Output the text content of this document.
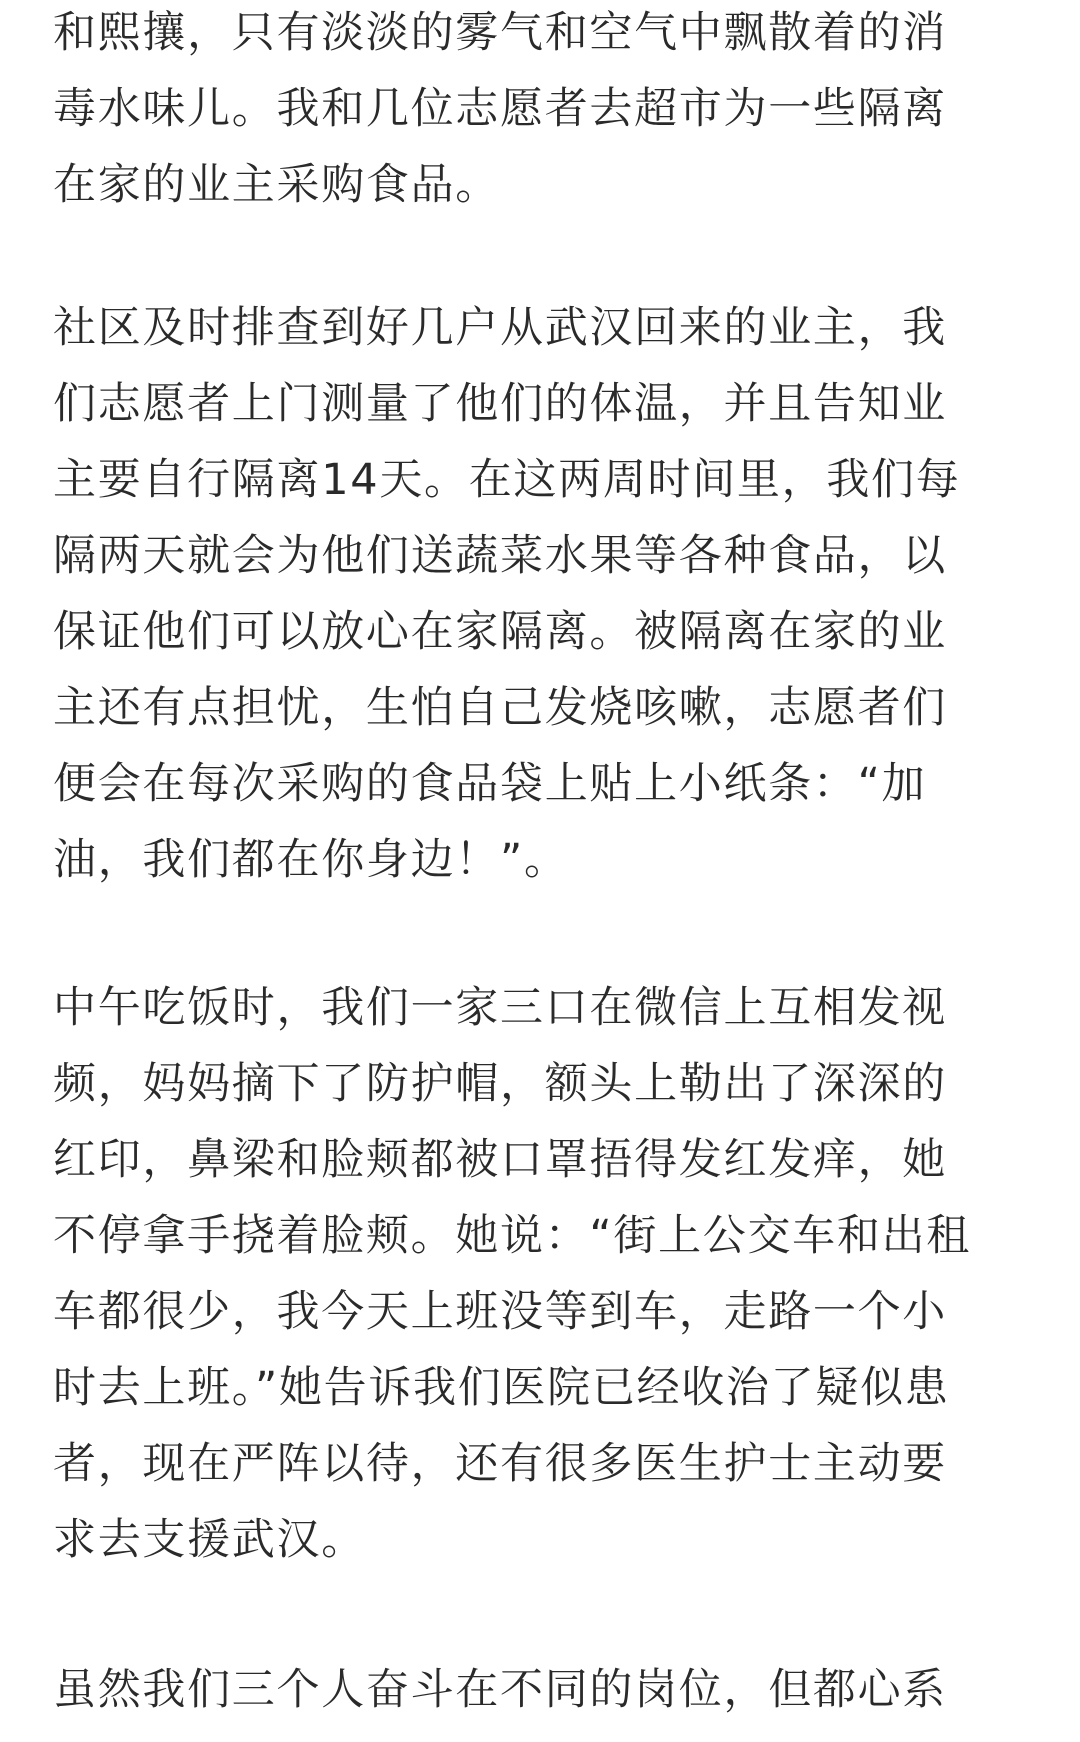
和熙攘，只有淡淡的雾气和空气中飘散着的消
毒水味儿。我和几位志愿者去超市为一些隔离
在家的业主采购食品。
社区及时排查到好几户从武汉回来的业主，我
们志愿者上门测量了他们的体温，并且告知业
主要自行隔离14天。在这两周时间里，我们每
隔两天就会为他们送蔬菜水果等各种食品，以
保证他们可以放心在家隔离。被隔离在家的业
主还有点担忧，生怕自己发烧咳嗽，志愿者们
便会在每次采购的食品袋上贴上小纸条：“加
油，我们都在你身边！”。
中午吃饭时，我们一家三口在微信上互相发视
频，妈妈摘下了防护帽，额头上勒出了深深的
红印，鼻梁和脸颊都被口罩捂得发红发痒，她
不停拿手挠着脸颊。她说：“街上公交车和出租
车都很少，我今天上班没等到车，走路一个小
时去上班。”她告诉我们医院已经收治了疑似患
者，现在严阵以待，还有很多医生护士主动要
求去支援武汉。
虽然我们三个人奋斗在不同的岗位，但都心系
